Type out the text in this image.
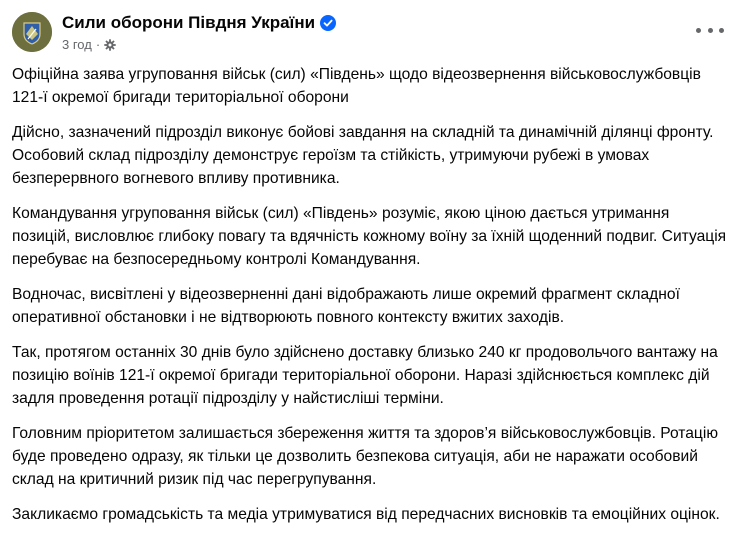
Сили оборони Півдня України
3 год ·

Офіційна заява угруповання військ (сил) «Південь» щодо відеозвернення військовослужбовців 121-ї окремої бригади територіальної оборони

Дійсно, зазначений підрозділ виконує бойові завдання на складній та динамічній ділянці фронту. Особовий склад підрозділу демонструє героїзм та стійкість, утримуючи рубежі в умовах безперервного вогневого впливу противника.

Командування угруповання військ (сил) «Південь» розуміє, якою ціною дається утримання позицій, висловлює глибоку повагу та вдячність кожному воїну за їхній щоденний подвиг. Ситуація перебуває на безпосередньому контролі Командування.

Водночас, висвітлені у відеозверненні дані відображають лише окремий фрагмент складної оперативної обстановки і не відтворюють повного контексту вжитих заходів.

Так, протягом останніх 30 днів було здійснено доставку близько 240 кг продовольчого вантажу на позицію воїнів 121-ї окремої бригади територіальної оборони. Наразі здійснюється комплекс дій задля проведення ротації підрозділу у найстисліші терміни.

Головним пріоритетом залишається збереження життя та здоров’я військовослужбовців. Ротацію буде проведено одразу, як тільки це дозволить безпекова ситуація, аби не наражати особовий склад на критичний ризик під час перегрупування.

Закликаємо громадськість та медіа утримуватися від передчасних висновків та емоційних оцінок.
